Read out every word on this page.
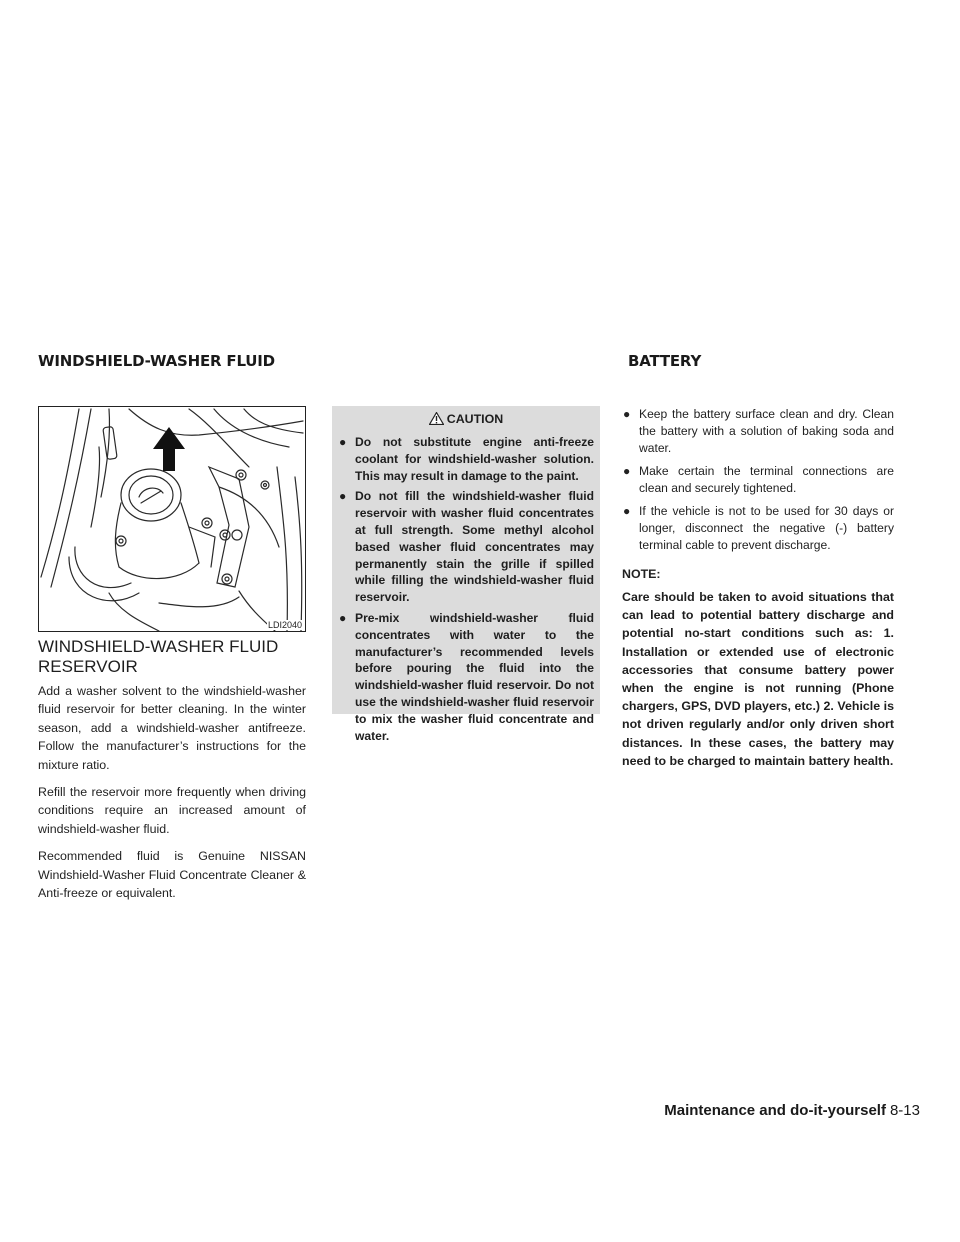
WINDSHIELD-WASHER FLUID	BATTERY
LDI2040
WINDSHIELD-WASHER FLUID RESERVOIR

Add a washer solvent to the windshield-washer fluid reservoir for better cleaning. In the winter season, add a windshield-washer antifreeze. Follow the manufacturer’s instructions for the mixture ratio.

Refill the reservoir more frequently when driving conditions require an increased amount of windshield-washer fluid.

Recommended fluid is Genuine NISSAN Windshield-Washer Fluid Concentrate Cleaner & Anti-freeze or equivalent.

CAUTION
● Do not substitute engine anti-freeze coolant for windshield-washer solution. This may result in damage to the paint.
● Do not fill the windshield-washer fluid reservoir with washer fluid concentrates at full strength. Some methyl alcohol based washer fluid concentrates may permanently stain the grille if spilled while filling the windshield-washer fluid reservoir.
● Pre-mix windshield-washer fluid concentrates with water to the manufacturer’s recommended levels before pouring the fluid into the windshield-washer fluid reservoir. Do not use the windshield-washer fluid reservoir to mix the washer fluid concentrate and water.
● Keep the battery surface clean and dry. Clean the battery with a solution of baking soda and water.
● Make certain the terminal connections are clean and securely tightened.
● If the vehicle is not to be used for 30 days or longer, disconnect the negative (-) battery terminal cable to prevent discharge.
NOTE:

Care should be taken to avoid situations that can lead to potential battery discharge and potential no-start conditions such as: 1. Installation or extended use of electronic accessories that consume battery power when the engine is not running (Phone chargers, GPS, DVD players, etc.) 2. Vehicle is not driven regularly and/or only driven short distances. In these cases, the battery may need to be charged to maintain battery health.

Maintenance and do-it-yourself 8-13
